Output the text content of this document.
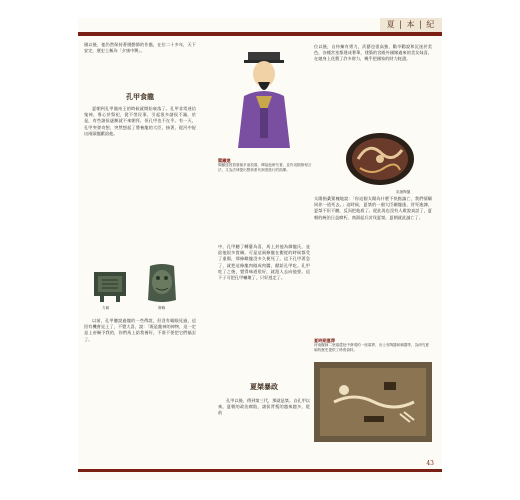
夏 | 本 | 紀

國以後，他仍然保持著樸勤節的作風，在位二十多年，天下安定，歷史上稱為「夕康中興」。

孔甲食龍

夏朝到孔甲做帝王的時候就開始衰落了。孔甲非常迷信鬼神，專心於祭祀，從不勞民事，引起很多諸侯不滿，於是，有些諸侯逐漸就不來朝拜，但孔甲也不在乎。有一天，孔甲突發奇想，突然想起了將養龍的大臣，接著，從河中捉出兩頭龍獻給他。

方銅	牌飾

以前，孔甲聽說過龍的一些傳說，但沒有親眼見過，這回有機會見上了，不覺大喜，說：「既是龍神的神物，這一定是上帝賜予我的，你們馬上給我養好，不准不要把它們搞丟了。

閻鐵達
閻鐵達因寫夏朝多而放歲，傳說他研究著，並作這類無相言法，又為法律提出整套系代制度進行的指揮。

中，孔甲聽了轉憂為喜，馬上封他為御龍氏，並給他很多賞賜。可是這兩條龍在搬從的時候都受了重傷，那條雌龍沒多久便死了。這下孔甲著急了，就把這條龍肉做成肉醬，獻給孔甲吃。孔甲吃了之後，覺得味道很好，就派人去向他要。這下子可把孔甲嚇壞了，只好逃走了。

夏桀暴政

孔甲以後，傳到第三代，那就是桀。自孔甲以來，夏朝的政治腐敗，諸侯背叛的越來越多，從前

位以後，自恃擁有勇力，武藝也很高強，勸卒勸說和沉迷於美色，各種宮室都建成奢華，建築的宮殿外國嫁過來的美女妹喜，在她身上花費了許多財力，幾乎把國家的財力耗盡。

彩繪陶盤

太陽指桑罵槐地說：「你這個太陽為什麼不快點滅亡，我們情願同你一道死去。」這時候，夏桀的一個大臣關龍逢，冒死進諫，夏桀不但不聽，反而把他殺了。從此再也沒有人敢說真話了，夏朝的統治日益腐朽，商湯起兵討伐夏桀，夏朝就此滅亡了。

夏時期墓葬
河南偃師二里頭遺址中發現的一座墓葬，出土有陶器和銅器等，為研究夏朝的歷史提供了珍貴資料。
43
